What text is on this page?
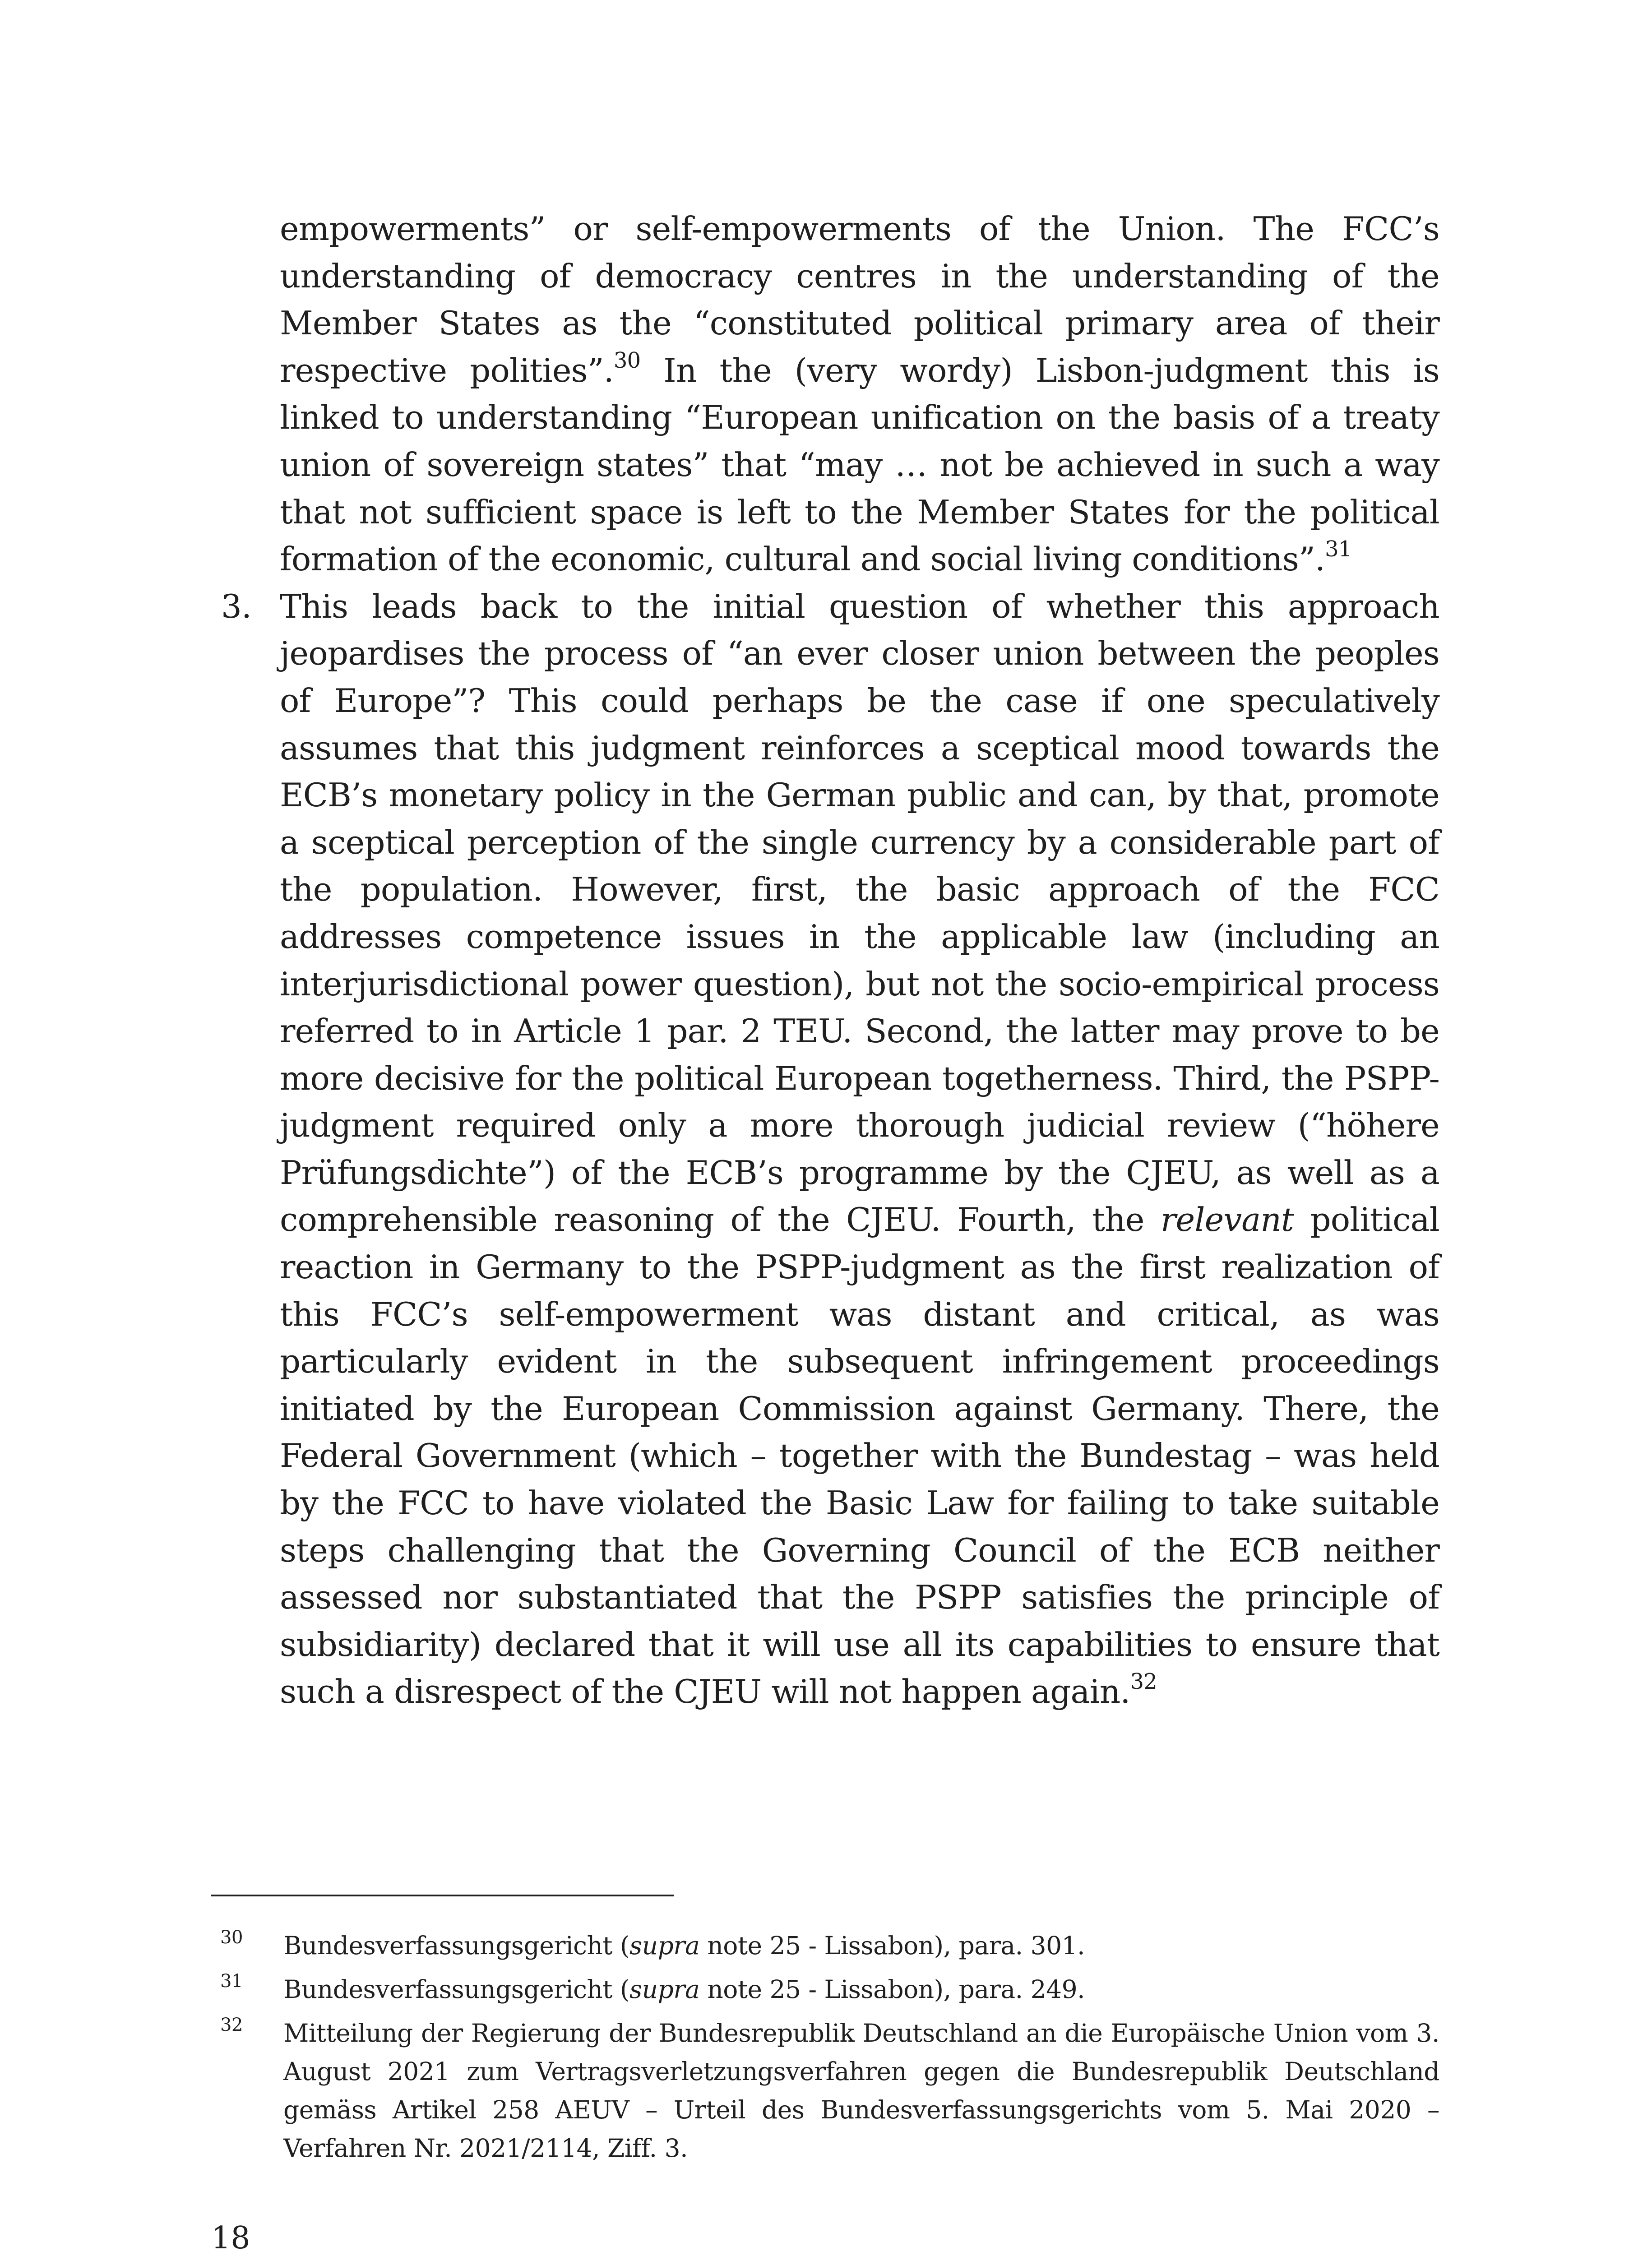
empowerments” or self-empowerments of the Union. The FCC’s understanding of democracy centres in the understanding of the Member States as the “constituted political primary area of their respective polities”.$^{30}$ In the (very wordy) Lisbon-judgment this is linked to understanding “European unification on the basis of a treaty union of sovereign states” that “may … not be achieved in such a way that not sufficient space is left to the Member States for the political formation of the economic, cultural and social living conditions”.$^{31}$

3. This leads back to the initial question of whether this approach jeopardises the process of “an ever closer union between the peoples of Europe”? This could perhaps be the case if one speculatively assumes that this judgment reinforces a sceptical mood towards the ECB’s monetary policy in the German public and can, by that, promote a sceptical perception of the single currency by a considerable part of the population. However, first, the basic approach of the FCC addresses competence issues in the applicable law (including an interjurisdictional power question), but not the socio-empirical process referred to in Article 1 par. 2 TEU. Second, the latter may prove to be more decisive for the political European togetherness. Third, the PSPP-judgment required only a more thorough judicial review (“höhere Prüfungsdichte”) of the ECB’s programme by the CJEU, as well as a comprehensible reasoning of the CJEU. Fourth, the relevant political reaction in Germany to the PSPP-judgment as the first realization of this FCC’s self-empowerment was distant and critical, as was particularly evident in the subsequent infringement proceedings initiated by the European Commission against Germany. There, the Federal Government (which – together with the Bundestag – was held by the FCC to have violated the Basic Law for failing to take suitable steps challenging that the Governing Council of the ECB neither assessed nor substantiated that the PSPP satisfies the principle of subsidiarity) declared that it will use all its capabilities to ensure that such a disrespect of the CJEU will not happen again.$^{32}$

30 Bundesverfassungsgericht (supra note 25 - Lissabon), para. 301.
31 Bundesverfassungsgericht (supra note 25 - Lissabon), para. 249.
32 Mitteilung der Regierung der Bundesrepublik Deutschland an die Europäische Union vom 3. August 2021 zum Vertragsverletzungsverfahren gegen die Bundesrepublik Deutschland gemäss Artikel 258 AEUV – Urteil des Bundesverfassungsgerichts vom 5. Mai 2020 – Verfahren Nr. 2021/2114, Ziff. 3.
18
